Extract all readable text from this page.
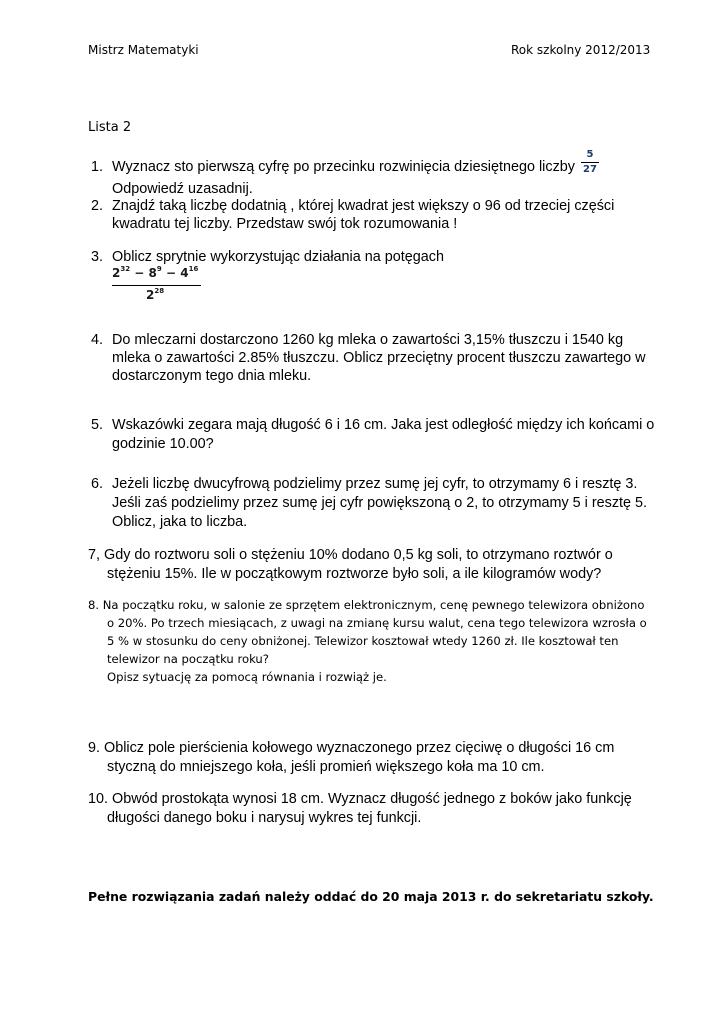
Mistrz Matematyki	Rok szkolny 2012/2013
Lista 2
1. Wyznacz sto pierwszą cyfrę po przecinku rozwinięcia dziesiętnego liczby
Odpowiedź uzasadnij.
5
27
2. Znajdź taką liczbę dodatnią , której kwadrat jest większy o 96 od trzeciej części
kwadratu tej liczby. Przedstaw swój tok rozumowania !
3. Oblicz sprytnie wykorzystując działania na potęgach
$2^{32} - 8^9 - 4^{16}$
$2^{28}$
4. Do mleczarni dostarczono 1260 kg mleka o zawartości 3,15% tłuszczu i 1540 kg
mleka o zawartości 2.85% tłuszczu. Oblicz przeciętny procent tłuszczu zawartego w
dostarczonym tego dnia mleku.
5. Wskazówki zegara mają długość 6 i 16 cm. Jaka jest odległość między ich końcami o
godzinie 10.00?
6. Jeżeli liczbę dwucyfrową podzielimy przez sumę jej cyfr, to otrzymamy 6 i resztę 3.
Jeśli zaś podzielimy przez sumę jej cyfr powiększoną o 2, to otrzymamy 5 i resztę 5.
Oblicz, jaka to liczba.
7, Gdy do roztworu soli o stężeniu 10% dodano 0,5 kg soli, to otrzymano roztwór o
stężeniu 15%. Ile w początkowym roztworze było soli, a ile kilogramów wody?
8. Na początku roku, w salonie ze sprzętem elektronicznym, cenę pewnego telewizora obniżono
o 20%. Po trzech miesiącach, z uwagi na zmianę kursu walut, cena tego telewizora wzrosła o
5 % w stosunku do ceny obniżonej. Telewizor kosztował wtedy 1260 zł. Ile kosztował ten
telewizor na początku roku?
Opisz sytuację za pomocą równania i rozwiąż je.
9. Oblicz pole pierścienia kołowego wyznaczonego przez cięciwę o długości 16 cm
styczną do mniejszego koła, jeśli promień większego koła ma 10 cm.
10. Obwód prostokąta wynosi 18 cm. Wyznacz długość jednego z boków jako funkcję
długości danego boku i narysuj wykres tej funkcji.
Pełne rozwiązania zadań należy oddać do 20 maja 2013 r. do sekretariatu szkoły.
